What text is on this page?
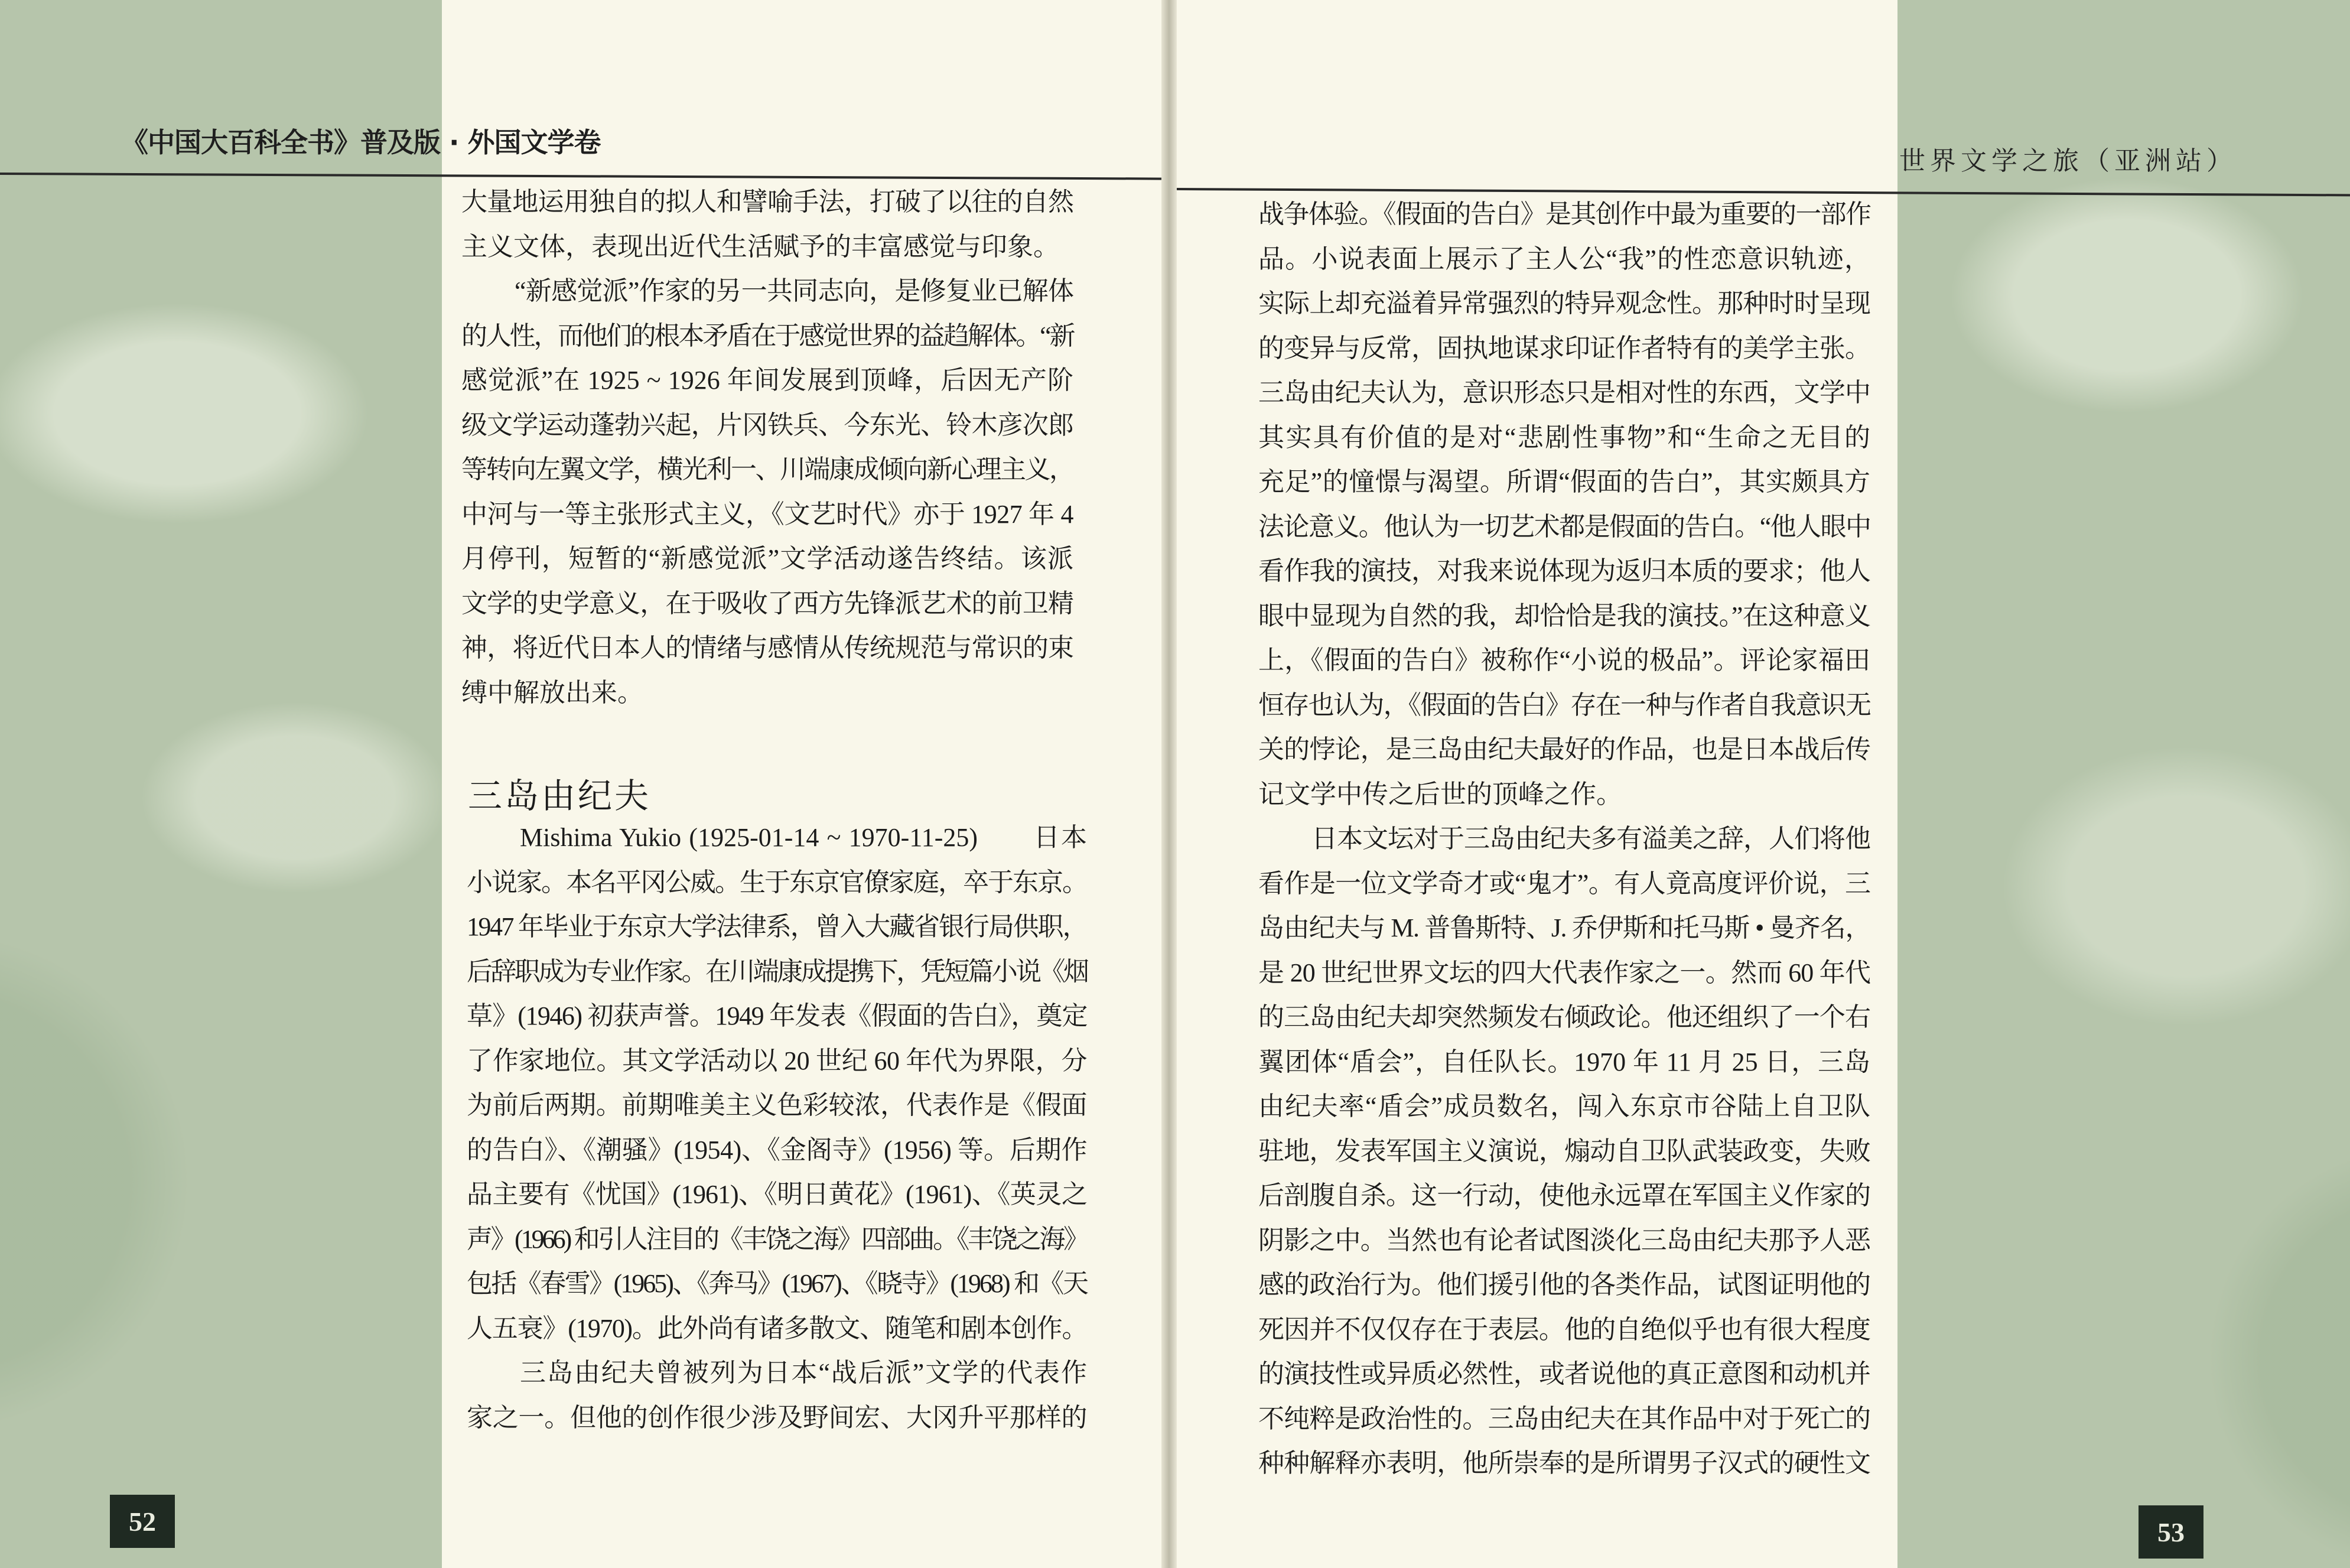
《中国大百科全书》普及版 · 外国文学卷
世界文学之旅（亚洲站）
大量地运用独自的拟人和譬喻手法，打破了以往的自然
主义文体，表现出近代生活赋予的丰富感觉与印象。
“新感觉派”作家的另一共同志向，是修复业已解体
的人性，而他们的根本矛盾在于感觉世界的益趋解体。“新
感觉派”在 1925 ~ 1926 年间发展到顶峰，后因无产阶
级文学运动蓬勃兴起，片冈铁兵、今东光、铃木彦次郎
等转向左翼文学，横光利一、川端康成倾向新心理主义，
中河与一等主张形式主义，《文艺时代》亦于 1927 年 4
月停刊，短暂的“新感觉派”文学活动遂告终结。该派
文学的史学意义，在于吸收了西方先锋派艺术的前卫精
神，将近代日本人的情绪与感情从传统规范与常识的束
缚中解放出来。
三岛由纪夫
Mishima Yukio (1925-01-14 ~ 1970-11-25)　　日本
小说家。本名平冈公威。生于东京官僚家庭，卒于东京。
1947 年毕业于东京大学法律系，曾入大藏省银行局供职，
后辞职成为专业作家。在川端康成提携下，凭短篇小说《烟
草》(1946) 初获声誉。1949 年发表《假面的告白》，奠定
了作家地位。其文学活动以 20 世纪 60 年代为界限，分
为前后两期。前期唯美主义色彩较浓，代表作是《假面
的告白》、《潮骚》(1954)、《金阁寺》(1956) 等。后期作
品主要有《忧国》(1961)、《明日黄花》(1961)、《英灵之
声》(1966) 和引人注目的《丰饶之海》四部曲。《丰饶之海》
包括《春雪》(1965)、《奔马》(1967)、《晓寺》(1968) 和《天
人五衰》(1970)。此外尚有诸多散文、随笔和剧本创作。
三岛由纪夫曾被列为日本“战后派”文学的代表作
家之一。但他的创作很少涉及野间宏、大冈升平那样的
战争体验。《假面的告白》是其创作中最为重要的一部作
品。小说表面上展示了主人公“我”的性恋意识轨迹，
实际上却充溢着异常强烈的特异观念性。那种时时呈现
的变异与反常，固执地谋求印证作者特有的美学主张。
三岛由纪夫认为，意识形态只是相对性的东西，文学中
其实具有价值的是对“悲剧性事物”和“生命之无目的
充足”的憧憬与渴望。所谓“假面的告白”，其实颇具方
法论意义。他认为一切艺术都是假面的告白。“他人眼中
看作我的演技，对我来说体现为返归本质的要求；他人
眼中显现为自然的我，却恰恰是我的演技。”在这种意义
上，《假面的告白》被称作“小说的极品”。评论家福田
恒存也认为，《假面的告白》存在一种与作者自我意识无
关的悖论，是三岛由纪夫最好的作品，也是日本战后传
记文学中传之后世的顶峰之作。
日本文坛对于三岛由纪夫多有溢美之辞，人们将他
看作是一位文学奇才或“鬼才”。有人竟高度评价说，三
岛由纪夫与 M. 普鲁斯特、J. 乔伊斯和托马斯 • 曼齐名，
是 20 世纪世界文坛的四大代表作家之一。然而 60 年代
的三岛由纪夫却突然频发右倾政论。他还组织了一个右
翼团体“盾会”，自任队长。1970 年 11 月 25 日，三岛
由纪夫率“盾会”成员数名，闯入东京市谷陆上自卫队
驻地，发表军国主义演说，煽动自卫队武装政变，失败
后剖腹自杀。这一行动，使他永远罩在军国主义作家的
阴影之中。当然也有论者试图淡化三岛由纪夫那予人恶
感的政治行为。他们援引他的各类作品，试图证明他的
死因并不仅仅存在于表层。他的自绝似乎也有很大程度
的演技性或异质必然性，或者说他的真正意图和动机并
不纯粹是政治性的。三岛由纪夫在其作品中对于死亡的
种种解释亦表明，他所崇奉的是所谓男子汉式的硬性文
52	53
